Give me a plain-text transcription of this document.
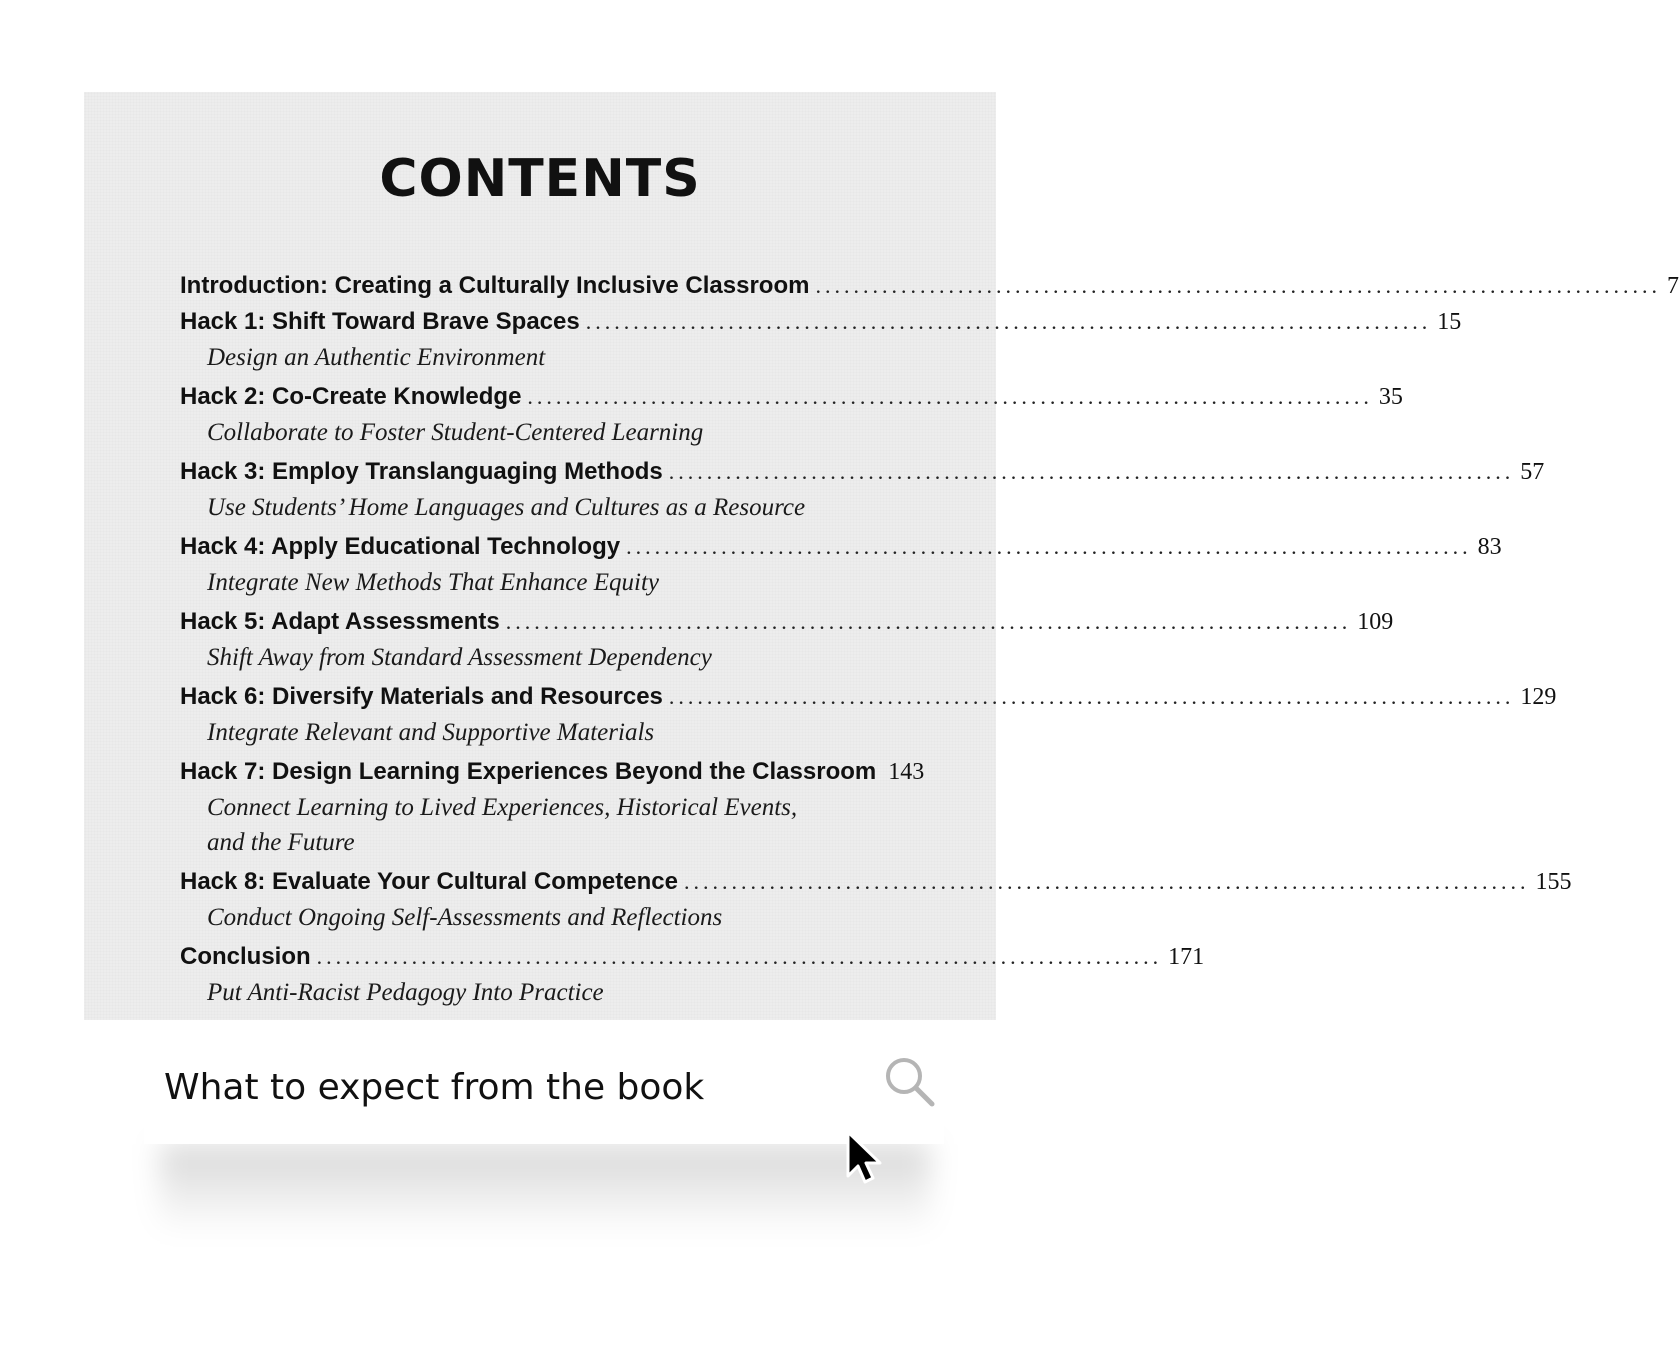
CONTENTS
Introduction: Creating a Culturally Inclusive Classroom ......................................................................................... 7
Hack 1: Shift Toward Brave Spaces ......................................................................................... 15
Design an Authentic Environment
Hack 2: Co-Create Knowledge ......................................................................................... 35
Collaborate to Foster Student-Centered Learning
Hack 3: Employ Translanguaging Methods ......................................................................................... 57
Use Students’ Home Languages and Cultures as a Resource
Hack 4: Apply Educational Technology ......................................................................................... 83
Integrate New Methods That Enhance Equity
Hack 5: Adapt Assessments ......................................................................................... 109
Shift Away from Standard Assessment Dependency
Hack 6: Diversify Materials and Resources ......................................................................................... 129
Integrate Relevant and Supportive Materials
Hack 7: Design Learning Experiences Beyond the Classroom 143
Connect Learning to Lived Experiences, Historical Events, and the Future
Hack 8: Evaluate Your Cultural Competence ......................................................................................... 155
Conduct Ongoing Self-Assessments and Reflections
Conclusion ......................................................................................... 171
Put Anti-Racist Pedagogy Into Practice
What to expect from the book
